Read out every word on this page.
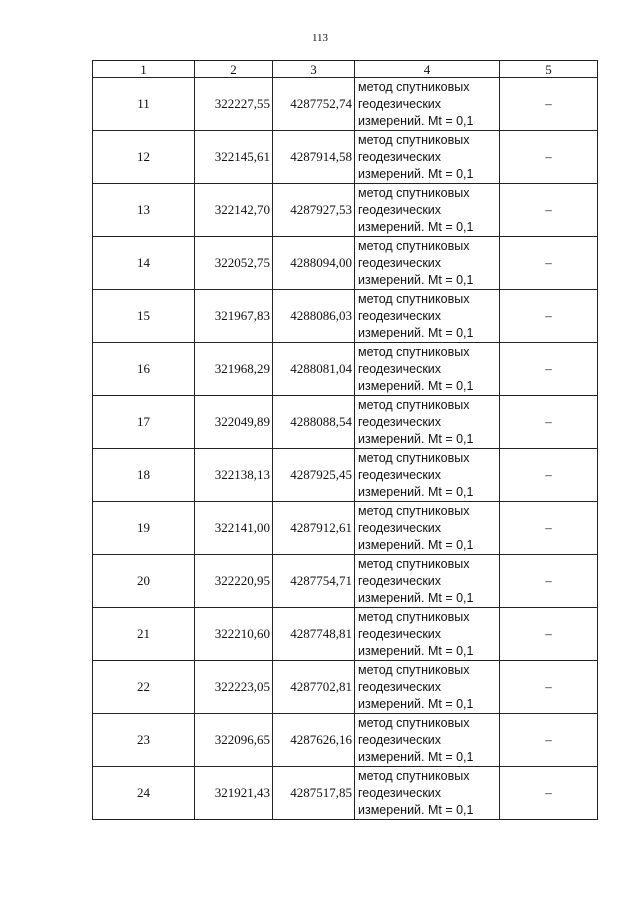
113
1	2	3	4	5
11	322227,55	4287752,74	метод спутниковых
геодезических
измерений. Mt = 0,1	–
12	322145,61	4287914,58	метод спутниковых
геодезических
измерений. Mt = 0,1	–
13	322142,70	4287927,53	метод спутниковых
геодезических
измерений. Mt = 0,1	–
14	322052,75	4288094,00	метод спутниковых
геодезических
измерений. Mt = 0,1	–
15	321967,83	4288086,03	метод спутниковых
геодезических
измерений. Mt = 0,1	–
16	321968,29	4288081,04	метод спутниковых
геодезических
измерений. Mt = 0,1	–
17	322049,89	4288088,54	метод спутниковых
геодезических
измерений. Mt = 0,1	–
18	322138,13	4287925,45	метод спутниковых
геодезических
измерений. Mt = 0,1	–
19	322141,00	4287912,61	метод спутниковых
геодезических
измерений. Mt = 0,1	–
20	322220,95	4287754,71	метод спутниковых
геодезических
измерений. Mt = 0,1	–
21	322210,60	4287748,81	метод спутниковых
геодезических
измерений. Mt = 0,1	–
22	322223,05	4287702,81	метод спутниковых
геодезических
измерений. Mt = 0,1	–
23	322096,65	4287626,16	метод спутниковых
геодезических
измерений. Mt = 0,1	–
24	321921,43	4287517,85	метод спутниковых
геодезических
измерений. Mt = 0,1	–
